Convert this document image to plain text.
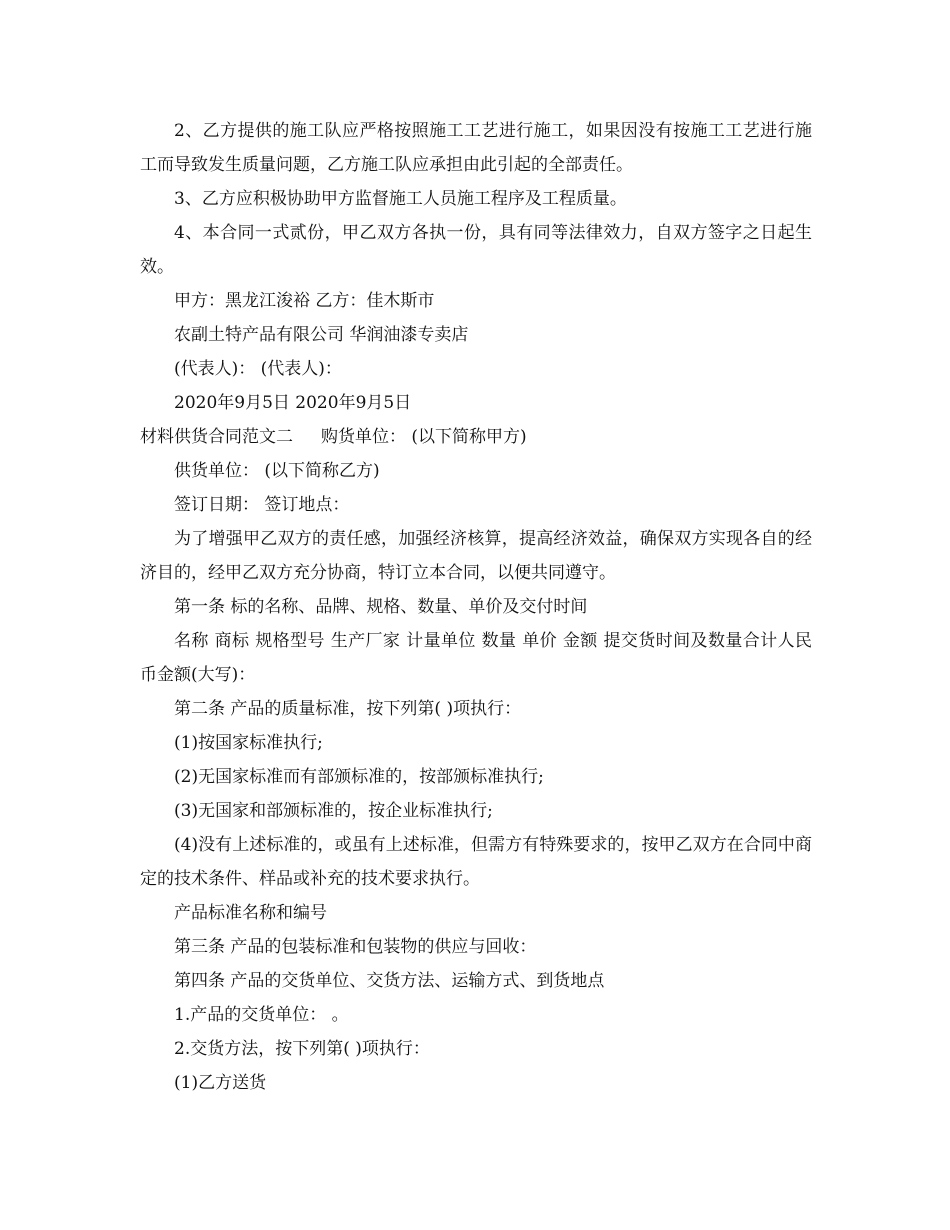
2、乙方提供的施工队应严格按照施工工艺进行施工，如果因没有按施工工艺进行施工而导致发生质量问题，乙方施工队应承担由此引起的全部责任。

3、乙方应积极协助甲方监督施工人员施工程序及工程质量。

4、本合同一式贰份，甲乙双方各执一份，具有同等法律效力，自双方签字之日起生效。

甲方：黑龙江浚裕 乙方：佳木斯市

农副土特产品有限公司 华润油漆专卖店

(代表人)： (代表人)：

2020年9月5日 2020年9月5日

材料供货合同范文二 购货单位： (以下简称甲方)

供货单位： (以下简称乙方)

签订日期： 签订地点：

为了增强甲乙双方的责任感，加强经济核算，提高经济效益，确保双方实现各自的经济目的，经甲乙双方充分协商，特订立本合同，以便共同遵守。

第一条 标的名称、品牌、规格、数量、单价及交付时间

名称 商标 规格型号 生产厂家 计量单位 数量 单价 金额 提交货时间及数量合计人民币金额(大写)：

第二条 产品的质量标准，按下列第( )项执行：

(1)按国家标准执行;

(2)无国家标准而有部颁标准的，按部颁标准执行;

(3)无国家和部颁标准的，按企业标准执行;

(4)没有上述标准的，或虽有上述标准，但需方有特殊要求的，按甲乙双方在合同中商定的技术条件、样品或补充的技术要求执行。

产品标准名称和编号

第三条 产品的包装标准和包装物的供应与回收：

第四条 产品的交货单位、交货方法、运输方式、到货地点

1.产品的交货单位： 。

2.交货方法，按下列第( )项执行：

(1)乙方送货
